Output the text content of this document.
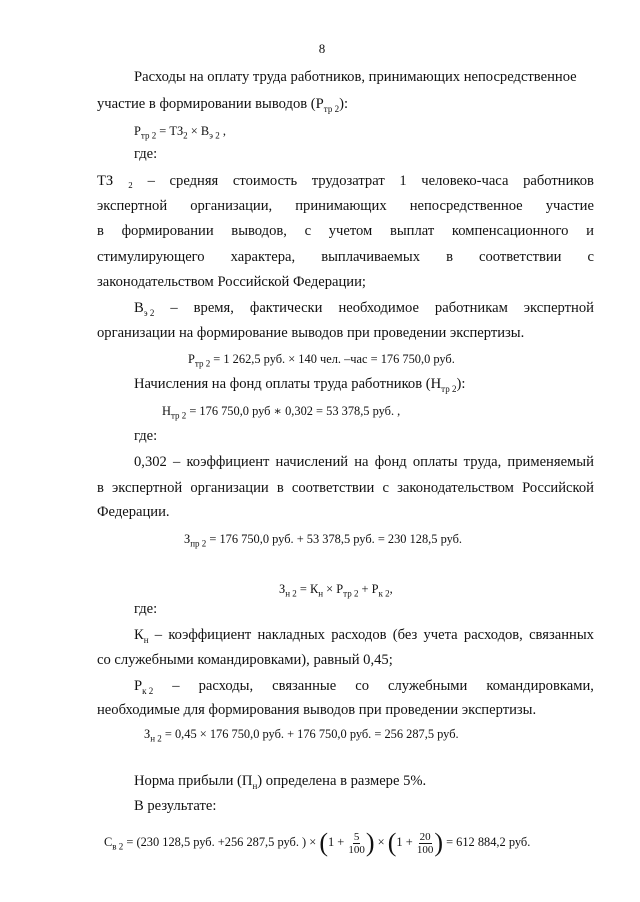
8
Расходы на оплату труда работников, принимающих непосредственное
участие в формировании выводов $(Р_{тр 2})$:
$Р_{тр 2} = ТЗ_2 \times В_{э 2}$ ,
где:
ТЗ ₂ – средняя стоимость трудозатрат 1 человеко-часа работников
экспертной организации, принимающих непосредственное участие
в формировании выводов, с учетом выплат компенсационного и
стимулирующего характера, выплачиваемых в соответствии с
законодательством Российской Федерации;
$В_{э 2}$ – время, фактически необходимое работникам экспертной
организации на формирование выводов при проведении экспертизы.
$Р_{тр 2} = 1$ 262,5 руб. × 140 чел. –час = 176 750,0 руб.
Начисления на фонд оплаты труда работников $(Н_{тр 2})$:
$Н_{тр 2} = 176$ 750,0 руб ∗ 0,302 = 53 378,5 руб. ,
где:
0,302 – коэффициент начислений на фонд оплаты труда, применяемый
в экспертной организации в соответствии с законодательством Российской
Федерации.
$З_{пр 2} = 176$ 750,0 руб. + 53 378,5 руб. = 230 128,5 руб.
$З_{н 2} = К_н \times Р_{тр 2} + Р_{к 2}$,
где:
$К_н$ – коэффициент накладных расходов (без учета расходов, связанных
со служебными командировками), равный 0,45;
$Р_{к 2}$ – расходы, связанные со служебными командировками,
необходимые для формирования выводов при проведении экспертизы.
$З_{н 2} = 0,45 \times 176$ 750,0 руб. + 176 750,0 руб. = 256 287,5 руб.
Норма прибыли $(П_н)$ определена в размере 5%.
В результате:
$С_{в 2} = (230$ 128,5 руб. +256 287,5 руб. ) × ($1 + \frac{5}{100}$ ) × ($1 + \frac{20}{100}$ ) = 612 884,2 руб.
